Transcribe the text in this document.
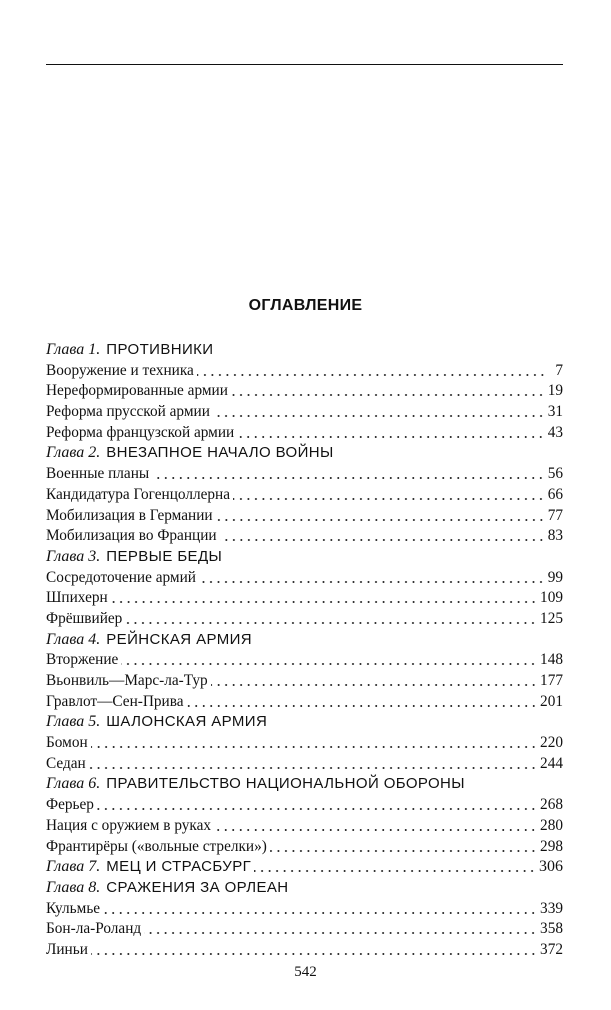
ОГЛАВЛЕНИЕ
Глава 1. ПРОТИВНИКИ
Вооружение и техника	7
Нереформированные армии	19
Реформа прусской армии	31
Реформа французской армии	43
Глава 2. ВНЕЗАПНОЕ НАЧАЛО ВОЙНЫ
Военные планы	56
Кандидатура Гогенцоллерна	66
Мобилизация в Германии	77
Мобилизация во Франции	83
Глава 3. ПЕРВЫЕ БЕДЫ
Сосредоточение армий	99
Шпихерн	109
Фрёшвийер	125
Глава 4. РЕЙНСКАЯ АРМИЯ
Вторжение	148
Вьонвиль—Марс-ла-Тур	177
Гравлот—Сен-Прива	201
Глава 5. ШАЛОНСКАЯ АРМИЯ
Бомон	220
Седан	244
Глава 6. ПРАВИТЕЛЬСТВО НАЦИОНАЛЬНОЙ ОБОРОНЫ
Ферьер	268
Нация с оружием в руках	280
Франтирёры («вольные стрелки»)	298
Глава 7. МЕЦ И СТРАСБУРГ	306
Глава 8. СРАЖЕНИЯ ЗА ОРЛЕАН
Кульмье	339
Бон-ла-Роланд	358
Линьи	372
542
